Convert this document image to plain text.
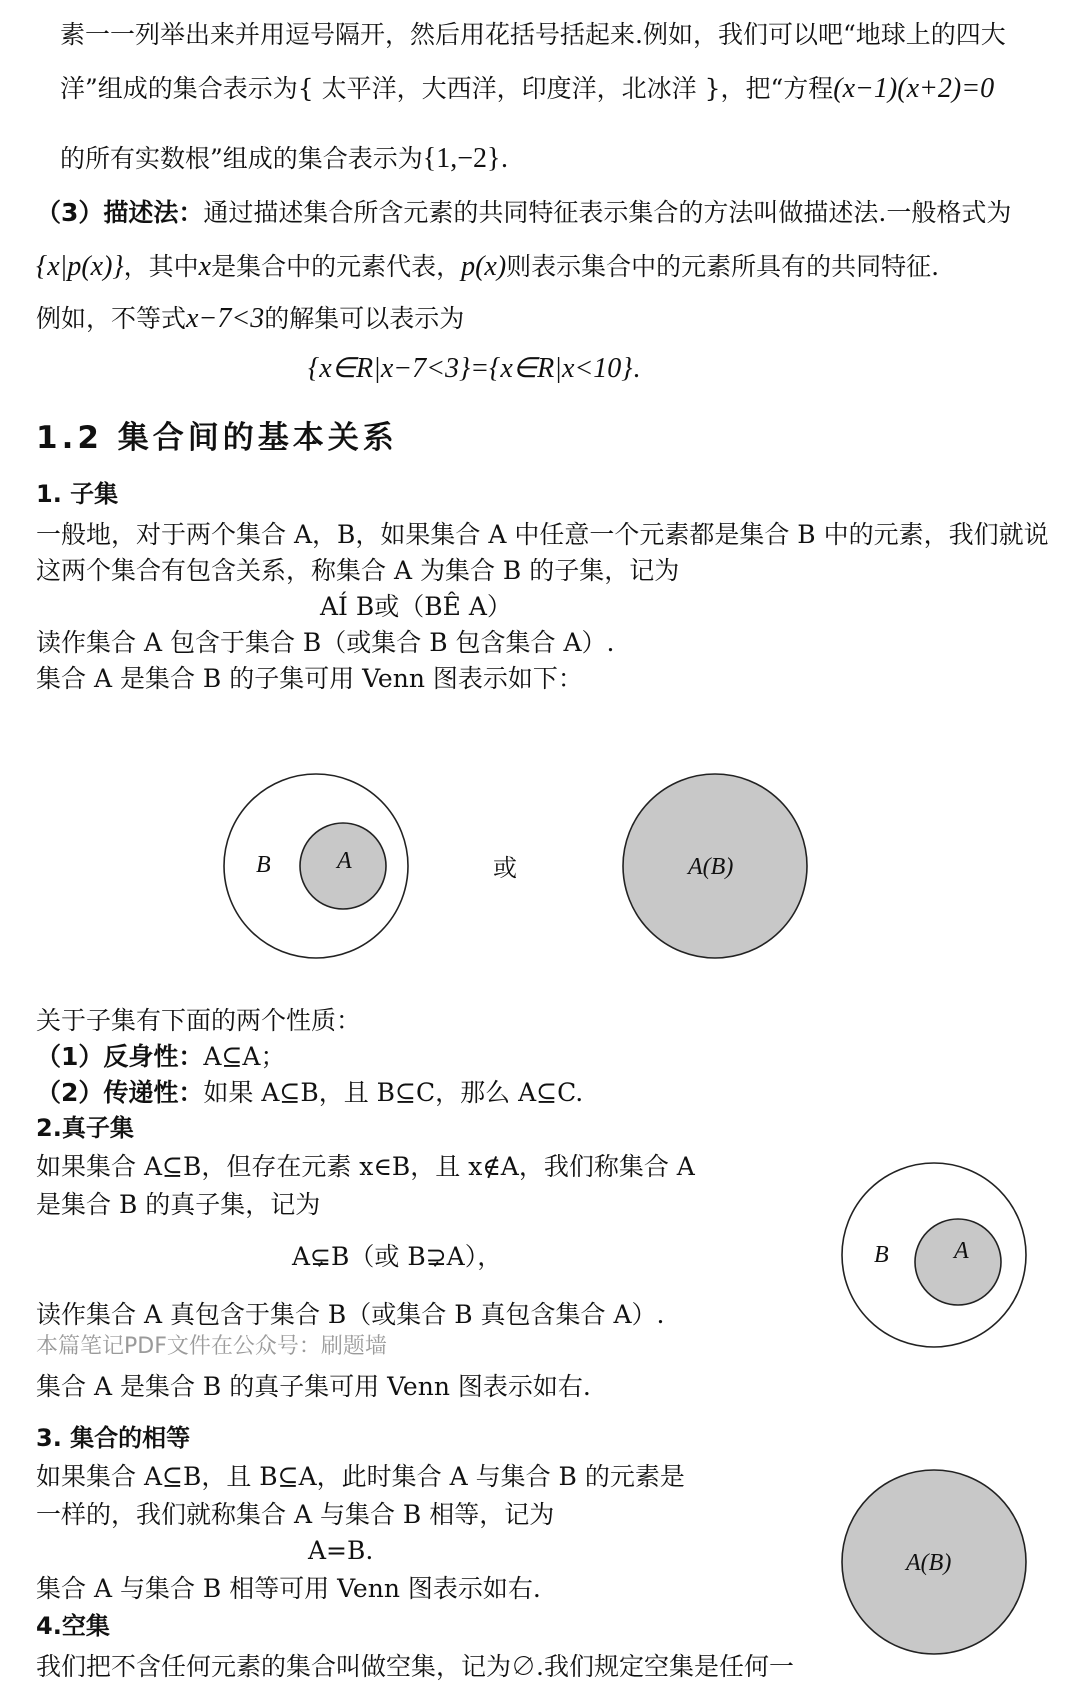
素一一列举出来并用逗号隔开，然后用花括号括起来.例如，我们可以吧“地球上的四大
洋”组成的集合表示为{ 太平洋，大西洋，印度洋，北冰洋 }，把“方程(x−1)(x+2)=0
的所有实数根”组成的集合表示为{1,−2}.
（3）描述法：通过描述集合所含元素的共同特征表示集合的方法叫做描述法.一般格式为
{x|p(x)}，其中x是集合中的元素代表，p(x)则表示集合中的元素所具有的共同特征.
例如，不等式x−7<3的解集可以表示为
{x∈R|x−7<3}={x∈R|x<10}.
1.2 集合间的基本关系
1. 子集
一般地，对于两个集合 A，B，如果集合 A 中任意一个元素都是集合 B 中的元素，我们就说
这两个集合有包含关系，称集合 A 为集合 B 的子集，记为
AÍ B或（BÊ A）
读作集合 A 包含于集合 B（或集合 B 包含集合 A）.
集合 A 是集合 B 的子集可用 Venn 图表示如下：
B	A	或	A(B)
B	A
A(B)
关于子集有下面的两个性质：
（1）反身性：A⊆A；
（2）传递性：如果 A⊆B，且 B⊆C，那么 A⊆C.
2.真子集
如果集合 A⊆B，但存在元素 x∈B，且 x∉A，我们称集合 A
是集合 B 的真子集，记为
A⊊B（或 B⊋A），
读作集合 A 真包含于集合 B（或集合 B 真包含集合 A）.
本篇笔记PDF文件在公众号：刷题墙
集合 A 是集合 B 的真子集可用 Venn 图表示如右.
3. 集合的相等
如果集合 A⊆B，且 B⊆A，此时集合 A 与集合 B 的元素是
一样的，我们就称集合 A 与集合 B 相等，记为
A=B.
集合 A 与集合 B 相等可用 Venn 图表示如右.
4.空集
我们把不含任何元素的集合叫做空集，记为∅.我们规定空集是任何一
